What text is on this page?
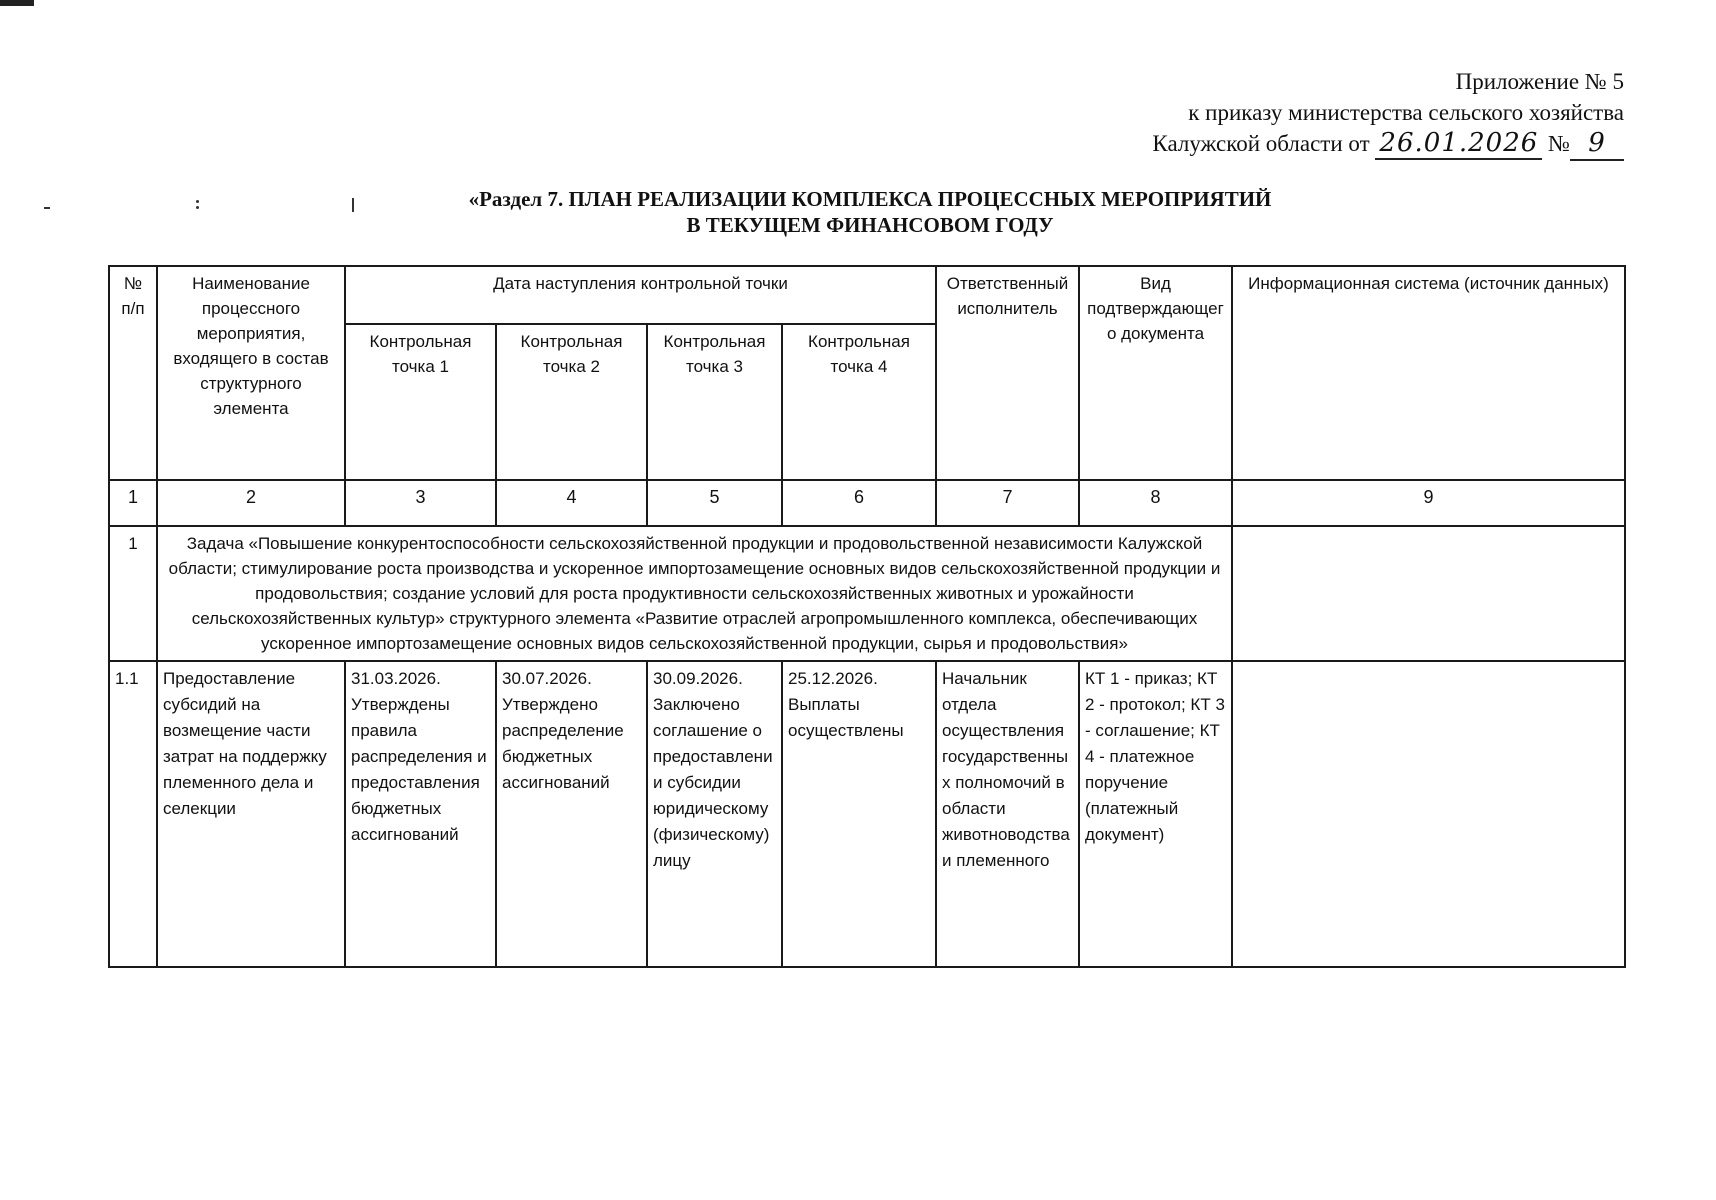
Приложение № 5
к приказу министерства сельского хозяйства
Калужской области от 26.01.2026 № 9
«Раздел 7. ПЛАН РЕАЛИЗАЦИИ КОМПЛЕКСА ПРОЦЕССНЫХ МЕРОПРИЯТИЙ
В ТЕКУЩЕМ ФИНАНСОВОМ ГОДУ
№ п/п	Наименование процессного мероприятия, входящего в состав структурного элемента	Дата наступления контрольной точки				Ответственный исполнитель	Вид подтверждающего документа	Информационная система (источник данных)
		Контрольная точка 1	Контрольная точка 2	Контрольная точка 3	Контрольная точка 4			
1	2	3	4	5	6	7	8	9
1	Задача «Повышение конкурентоспособности сельскохозяйственной продукции и продовольственной независимости Калужской области; стимулирование роста производства и ускоренное импортозамещение основных видов сельскохозяйственной продукции и продовольствия; создание условий для роста продуктивности сельскохозяйственных животных и урожайности сельскохозяйственных культур» структурного элемента «Развитие отраслей агропромышленного комплекса, обеспечивающих ускоренное импортозамещение основных видов сельскохозяйственной продукции, сырья и продовольствия»							
1.1	Предоставление субсидий на возмещение части затрат на поддержку племенного дела и селекции	31.03.2026. Утверждены правила распределения и предоставления бюджетных ассигнований	30.07.2026. Утверждено распределение бюджетных ассигнований	30.09.2026. Заключено соглашение о предоставлении субсидии юридическому (физическому) лицу	25.12.2026. Выплаты осуществлены	Начальник отдела осуществления государственных полномочий в области животноводства и племенного	КТ 1 - приказ; КТ 2 - протокол; КТ 3 - соглашение; КТ 4 - платежное поручение (платежный документ)	
